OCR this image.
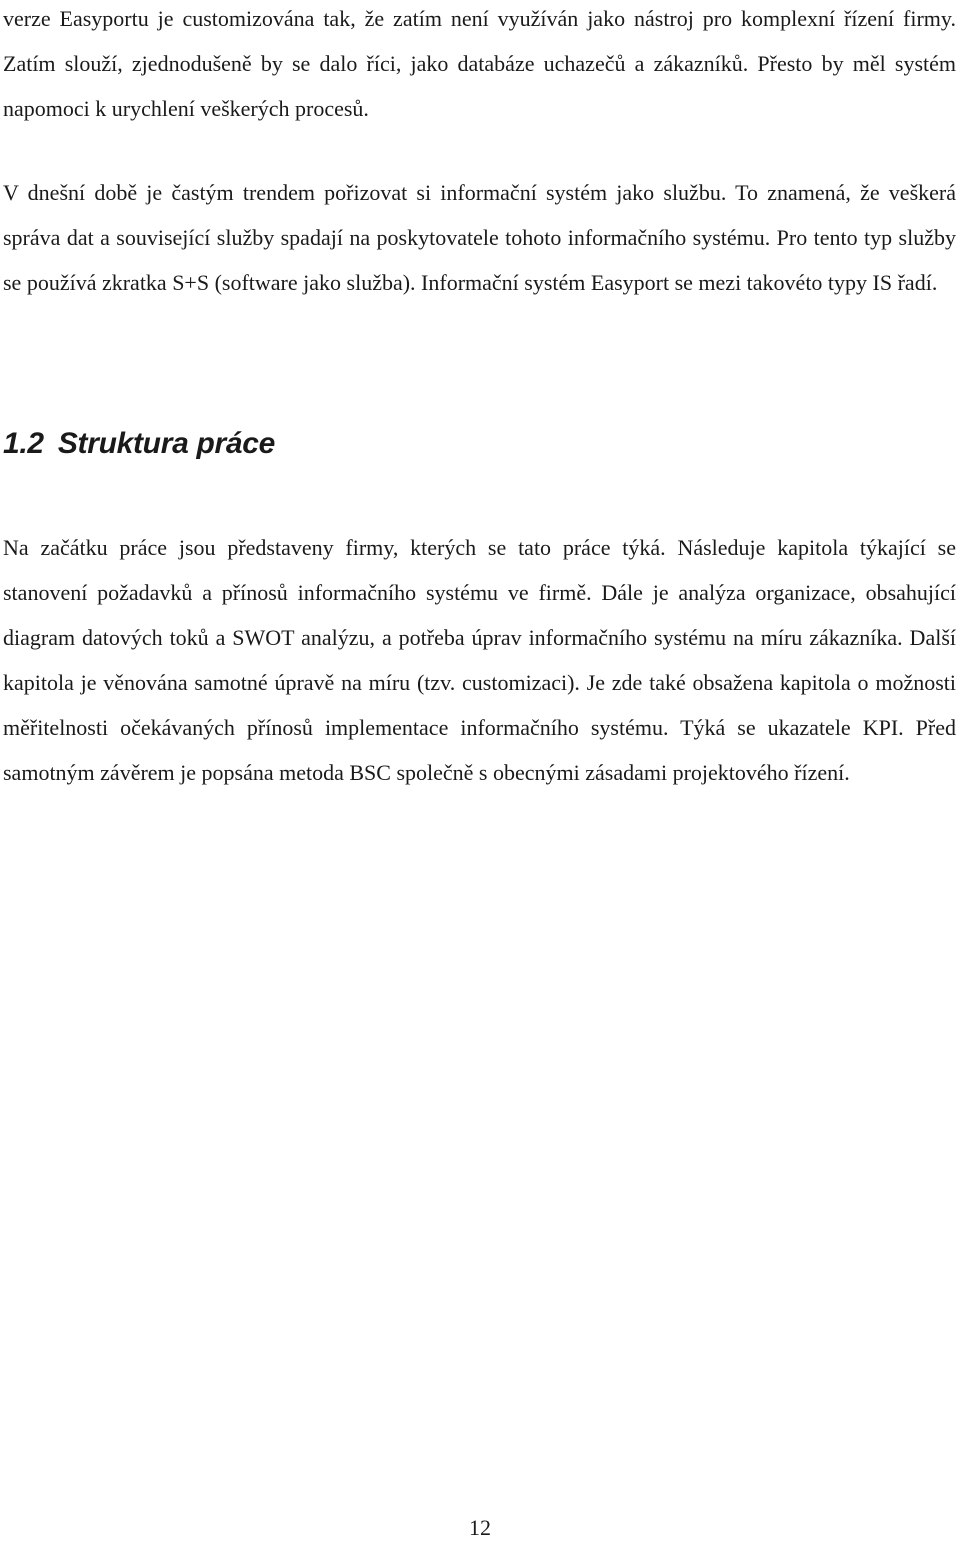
verze Easyportu je customizována tak, že zatím není využíván jako nástroj pro komplexní řízení firmy. Zatím slouží, zjednodušeně by se dalo říci, jako databáze uchazečů a zákazníků. Přesto by měl systém napomoci k urychlení veškerých procesů.

V dnešní době je častým trendem pořizovat si informační systém jako službu. To znamená, že veškerá správa dat a související služby spadají na poskytovatele tohoto informačního systému. Pro tento typ služby se používá zkratka S+S (software jako služba). Informační systém Easyport se mezi takovéto typy IS řadí.

1.2 Struktura práce

Na začátku práce jsou představeny firmy, kterých se tato práce týká. Následuje kapitola týkající se stanovení požadavků a přínosů informačního systému ve firmě. Dále je analýza organizace, obsahující diagram datových toků a SWOT analýzu, a potřeba úprav informačního systému na míru zákazníka. Další kapitola je věnována samotné úpravě na míru (tzv. customizaci). Je zde také obsažena kapitola o možnosti měřitelnosti očekávaných přínosů implementace informačního systému. Týká se ukazatele KPI. Před samotným závěrem je popsána metoda BSC společně s obecnými zásadami projektového řízení.

12
